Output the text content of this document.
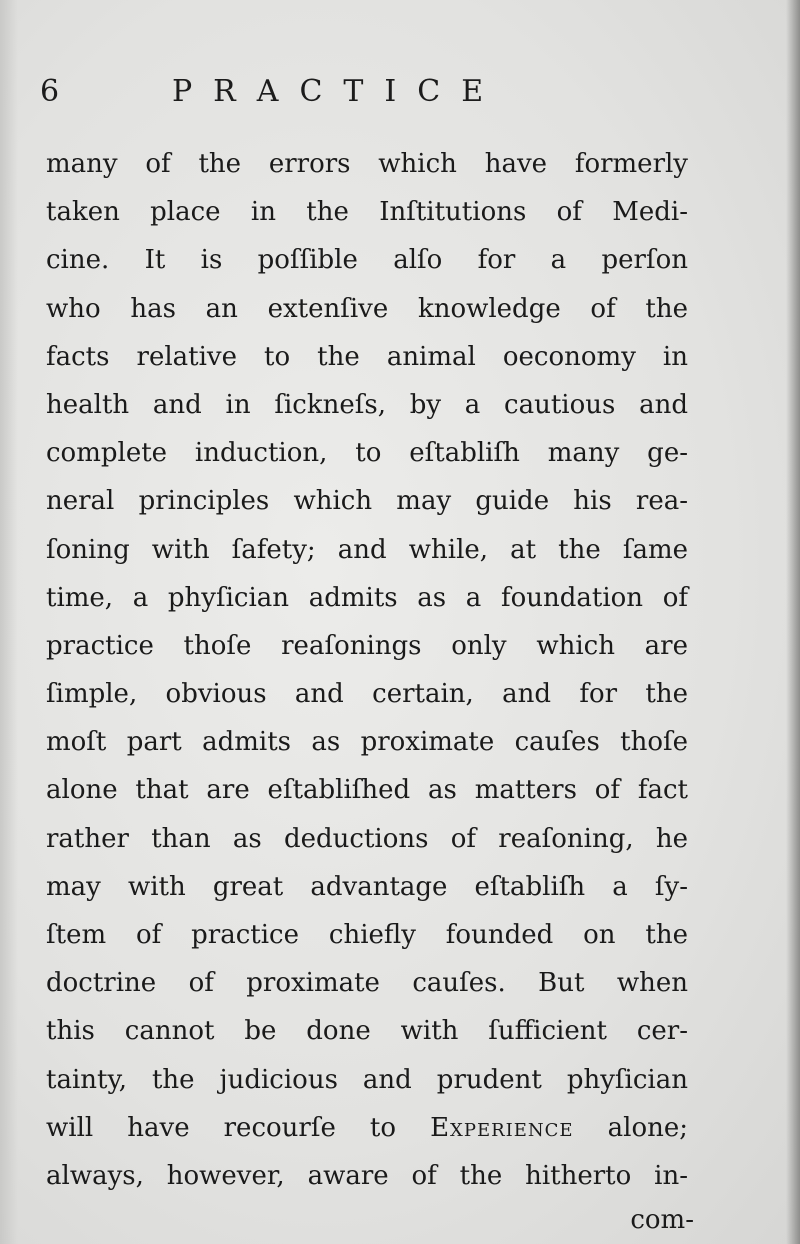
6	PRACTICE
many of the errors which have formerly
taken place in the Inſtitutions of Medi-
cine. It is poſſible alſo for a perſon
who has an extenſive knowledge of the
facts relative to the animal oeconomy in
health and in ſickneſs, by a cautious and
complete induction, to eſtabliſh many ge-
neral principles which may guide his rea-
ſoning with ſafety; and while, at the ſame
time, a phyſician admits as a foundation of
practice thoſe reaſonings only which are
ſimple, obvious and certain, and for the
moſt part admits as proximate cauſes thoſe
alone that are eſtabliſhed as matters of fact
rather than as deductions of reaſoning, he
may with great advantage eſtabliſh a ſy-
ſtem of practice chiefly founded on the
doctrine of proximate cauſes. But when
this cannot be done with ſufficient cer-
tainty, the judicious and prudent phyſician
will have recourſe to Experience alone;
always, however, aware of the hitherto in-
com-
